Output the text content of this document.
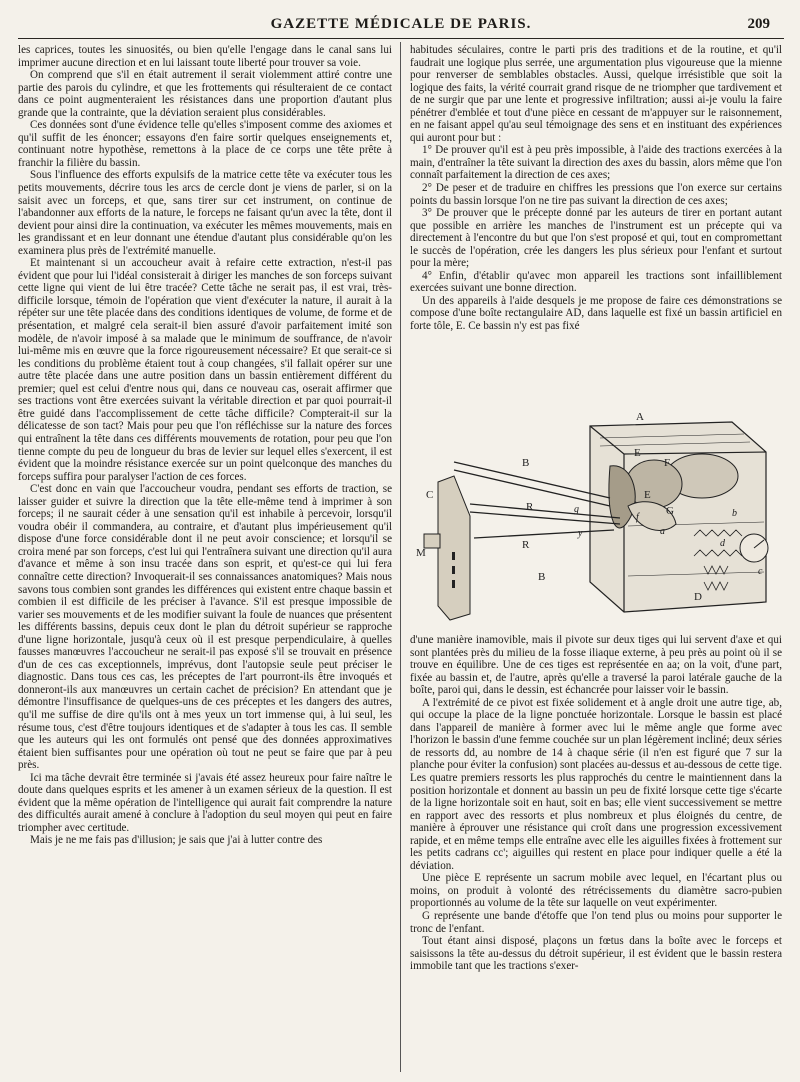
GAZETTE MÉDICALE DE PARIS.	209

les caprices, toutes les sinuosités, ou bien qu'elle l'engage dans le canal sans lui imprimer aucune direction et en lui laissant toute liberté pour trouver sa voie.

On comprend que s'il en était autrement il serait violemment attiré contre une partie des parois du cylindre, et que les frottements qui résulteraient de ce contact dans ce point augmenteraient les résistances dans une proportion d'autant plus grande que la contrainte, que la déviation seraient plus considérables.

Ces données sont d'une évidence telle qu'elles s'imposent comme des axiomes et qu'il suffit de les énoncer; essayons d'en faire sortir quelques enseignements et, continuant notre hypothèse, remettons à la place de ce corps une tête prête à franchir la filière du bassin.

Sous l'influence des efforts expulsifs de la matrice cette tête va exécuter tous les petits mouvements, décrire tous les arcs de cercle dont je viens de parler, si on la saisit avec un forceps, et que, sans tirer sur cet instrument, on continue de l'abandonner aux efforts de la nature, le forceps ne faisant qu'un avec la tête, dont il devient pour ainsi dire la continuation, va exécuter les mêmes mouvements, mais en les grandissant et en leur donnant une étendue d'autant plus considérable qu'on les examinera plus près de l'extrémité manuelle.

Et maintenant si un accoucheur avait à refaire cette extraction, n'est-il pas évident que pour lui l'idéal consisterait à diriger les manches de son forceps suivant cette ligne qui vient de lui être tracée? Cette tâche ne serait pas, il est vrai, très-difficile lorsque, témoin de l'opération que vient d'exécuter la nature, il aurait à la répéter sur une tête placée dans des conditions identiques de volume, de forme et de présentation, et malgré cela serait-il bien assuré d'avoir parfaitement imité son modèle, de n'avoir imposé à sa malade que le minimum de souffrance, de n'avoir lui-même mis en œuvre que la force rigoureusement nécessaire? Et que serait-ce si les conditions du problème étaient tout à coup changées, s'il fallait opérer sur une autre tête placée dans une autre position dans un bassin entièrement différent du premier; quel est celui d'entre nous qui, dans ce nouveau cas, oserait affirmer que ses tractions vont être exercées suivant la véritable direction et par quoi pourrait-il être guidé dans l'accomplissement de cette tâche difficile? Compterait-il sur la délicatesse de son tact? Mais pour peu que l'on réfléchisse sur la nature des forces qui entraînent la tête dans ces différents mouvements de rotation, pour peu que l'on tienne compte du peu de longueur du bras de levier sur lequel elles s'exercent, il est évident que la moindre résistance exercée sur un point quelconque des manches du forceps suffira pour paralyser l'action de ces forces.

C'est donc en vain que l'accoucheur voudra, pendant ses efforts de traction, se laisser guider et suivre la direction que la tête elle-même tend à imprimer à son forceps; il ne saurait céder à une sensation qu'il est inhabile à percevoir, lorsqu'il voudra obéir il commandera, au contraire, et d'autant plus impérieusement qu'il dispose d'une force considérable dont il ne peut avoir conscience; et lorsqu'il se croira mené par son forceps, c'est lui qui l'entraînera suivant une direction qu'il aura d'avance et même à son insu tracée dans son esprit, et qu'est-ce qui lui fera connaître cette direction? Invoquerait-il ses connaissances anatomiques? Mais nous savons tous combien sont grandes les différences qui existent entre chaque bassin et combien il est difficile de les préciser à l'avance. S'il est presque impossible de varier ses mouvements et de les modifier suivant la foule de nuances que présentent les différents bassins, depuis ceux dont le plan du détroit supérieur se rapproche d'une ligne horizontale, jusqu'à ceux où il est presque perpendiculaire, à quelles fausses manœuvres l'accoucheur ne serait-il pas exposé s'il se trouvait en présence d'un de ces cas exceptionnels, imprévus, dont l'autopsie seule peut préciser le diagnostic. Dans tous ces cas, les préceptes de l'art pourront-ils être invoqués et donneront-ils aux manœuvres un certain cachet de précision? En attendant que je démontre l'insuffisance de quelques-uns de ces préceptes et les dangers des autres, qu'il me suffise de dire qu'ils ont à mes yeux un tort immense qui, à lui seul, les résume tous, c'est d'être toujours identiques et de s'adapter à tous les cas. Il semble que les auteurs qui les ont formulés ont pensé que des données approximatives étaient bien suffisantes pour une opération où tout ne peut se faire que par à peu près.

Ici ma tâche devrait être terminée si j'avais été assez heureux pour faire naître le doute dans quelques esprits et les amener à un examen sérieux de la question. Il est évident que la même opération de l'intelligence qui aurait fait comprendre la nature des difficultés aurait amené à conclure à l'adoption du seul moyen qui peut en faire triompher avec certitude.

Mais je ne me fais pas d'illusion; je sais que j'ai à lutter contre des

habitudes séculaires, contre le parti pris des traditions et de la routine, et qu'il faudrait une logique plus serrée, une argumentation plus vigoureuse que la mienne pour renverser de semblables obstacles. Aussi, quelque irrésistible que soit la logique des faits, la vérité courrait grand risque de ne triompher que tardivement et de ne surgir que par une lente et progressive infiltration; aussi ai-je voulu la faire pénétrer d'emblée et tout d'une pièce en cessant de m'appuyer sur le raisonnement, en ne faisant appel qu'au seul témoignage des sens et en instituant des expériences qui auront pour but :

1° De prouver qu'il est à peu près impossible, à l'aide des tractions exercées à la main, d'entraîner la tête suivant la direction des axes du bassin, alors même que l'on connaît parfaitement la direction de ces axes;

2° De peser et de traduire en chiffres les pressions que l'on exerce sur certains points du bassin lorsque l'on ne tire pas suivant la direction de ces axes;

3° De prouver que le précepte donné par les auteurs de tirer en portant autant que possible en arrière les manches de l'instrument est un précepte qui va directement à l'encontre du but que l'on s'est proposé et qui, tout en compromettant le succès de l'opération, crée les dangers les plus sérieux pour l'enfant et surtout pour la mère;

4° Enfin, d'établir qu'avec mon appareil les tractions sont infailliblement exercées suivant une bonne direction.

Un des appareils à l'aide desquels je me propose de faire ces démonstrations se compose d'une boîte rectangulaire AD, dans laquelle est fixé un bassin artificiel en forte tôle, E. Ce bassin n'y est pas fixé

A
B
B
E
E
G
F
C
M
R
R
D
a
b
d
c
f
g
y

d'une manière inamovible, mais il pivote sur deux tiges qui lui servent d'axe et qui sont plantées près du milieu de la fosse iliaque externe, à peu près au point où il se trouve en équilibre. Une de ces tiges est représentée en aa; on la voit, d'une part, fixée au bassin et, de l'autre, après qu'elle a traversé la paroi latérale gauche de la boîte, paroi qui, dans le dessin, est échancrée pour laisser voir le bassin.

A l'extrémité de ce pivot est fixée solidement et à angle droit une autre tige, ab, qui occupe la place de la ligne ponctuée horizontale. Lorsque le bassin est placé dans l'appareil de manière à former avec lui le même angle que forme avec l'horizon le bassin d'une femme couchée sur un plan légèrement incliné; deux séries de ressorts dd, au nombre de 14 à chaque série (il n'en est figuré que 7 sur la planche pour éviter la confusion) sont placées au-dessus et au-dessous de cette tige. Les quatre premiers ressorts les plus rapprochés du centre le maintiennent dans la position horizontale et donnent au bassin un peu de fixité lorsque cette tige s'écarte de la ligne horizontale soit en haut, soit en bas; elle vient successivement se mettre en rapport avec des ressorts et plus nombreux et plus éloignés du centre, de manière à éprouver une résistance qui croît dans une progression excessivement rapide, et en même temps elle entraîne avec elle les aiguilles fixées à frottement sur les petits cadrans cc'; aiguilles qui restent en place pour indiquer quelle a été la déviation.

Une pièce E représente un sacrum mobile avec lequel, en l'écartant plus ou moins, on produit à volonté des rétrécissements du diamètre sacro-pubien proportionnés au volume de la tête sur laquelle on veut expérimenter.

G représente une bande d'étoffe que l'on tend plus ou moins pour supporter le tronc de l'enfant.

Tout étant ainsi disposé, plaçons un fœtus dans la boîte avec le forceps et saisissons la tête au-dessus du détroit supérieur, il est évident que le bassin restera immobile tant que les tractions s'exer-
